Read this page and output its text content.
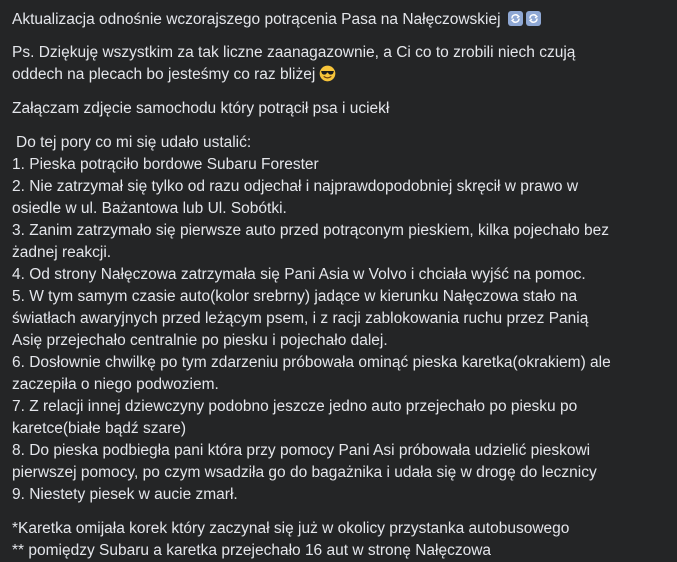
Aktualizacja odnośnie wczorajszego potrącenia Pasa na Nałęczowskiej

Ps. Dziękuję wszystkim za tak liczne zaanagazownie, a Ci co to zrobili niech czują
oddech na plecach bo jesteśmy co raz bliżej

Załączam zdjęcie samochodu który potrącił psa i uciekł

Do tej pory co mi się udało ustalić:

1. Pieska potrąciło bordowe Subaru Forester
2. Nie zatrzymał się tylko od razu odjechał i najprawdopodobniej skręcił w prawo w
osiedle w ul. Bażantowa lub Ul. Sobótki.
3. Zanim zatrzymało się pierwsze auto przed potrąconym pieskiem, kilka pojechało bez
żadnej reakcji.
4. Od strony Nałęczowa zatrzymała się Pani Asia w Volvo i chciała wyjść na pomoc.
5. W tym samym czasie auto(kolor srebrny) jadące w kierunku Nałęczowa stało na
światłach awaryjnych przed leżącym psem, i z racji zablokowania ruchu przez Panią
Asię przejechało centralnie po piesku i pojechało dalej.
6. Dosłownie chwilkę po tym zdarzeniu próbowała ominąć pieska karetka(okrakiem) ale
zaczepiła o niego podwoziem.
7. Z relacji innej dziewczyny podobno jeszcze jedno auto przejechało po piesku po
karetce(białe bądź szare)
8. Do pieska podbiegła pani która przy pomocy Pani Asi próbowała udzielić pieskowi
pierwszej pomocy, po czym wsadziła go do bagażnika i udała się w drogę do lecznicy
9. Niestety piesek w aucie zmarł.
*Karetka omijała korek który zaczynał się już w okolicy przystanka autobusowego
** pomiędzy Subaru a karetka przejechało 16 aut w stronę Nałęczowa
